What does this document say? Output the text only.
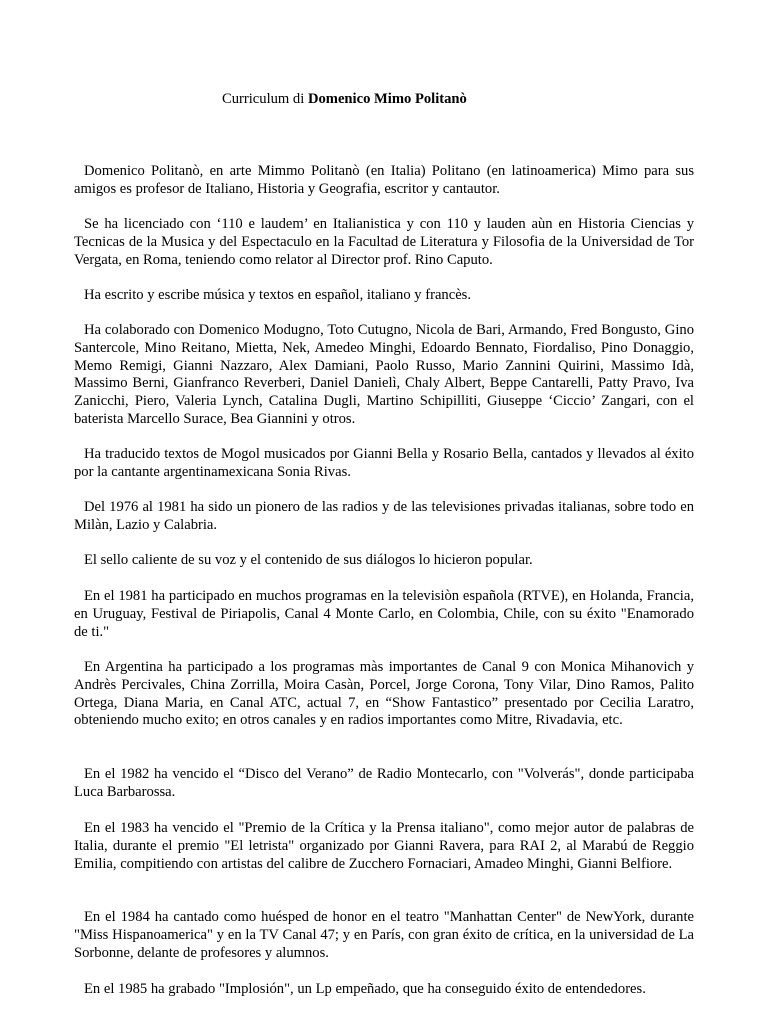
Curriculum di Domenico Mimo Politanò

Domenico Politanò, en arte Mimmo Politanò (en Italia) Politano (en latinoamerica) Mimo para sus amigos es profesor de Italiano, Historia y Geografia, escritor y cantautor.

Se ha licenciado con ‘110 e laudem’ en Italianistica y con 110 y lauden aùn en Historia Ciencias y Tecnicas de la Musica y del Espectaculo en la Facultad de Literatura y Filosofia de la Universidad de Tor Vergata, en Roma, teniendo como relator al Director prof. Rino Caputo.

Ha escrito y escribe música y textos en español, italiano y francès.

Ha colaborado con Domenico Modugno, Toto Cutugno, Nicola de Bari, Armando, Fred Bongusto, Gino Santercole, Mino Reitano, Mietta, Nek, Amedeo Minghi, Edoardo Bennato, Fiordaliso, Pino Donaggio, Memo Remigi, Gianni Nazzaro, Alex Damiani, Paolo Russo, Mario Zannini Quirini, Massimo Idà, Massimo Berni, Gianfranco Reverberi, Daniel Danielì, Chaly Albert, Beppe Cantarelli, Patty Pravo, Iva Zanicchi, Piero, Valeria Lynch, Catalina Dugli, Martino Schipilliti, Giuseppe ‘Ciccio’ Zangari, con el baterista Marcello Surace, Bea Giannini y otros.

Ha traducido textos de Mogol musicados por Gianni Bella y Rosario Bella, cantados y llevados al éxito por la cantante argentinamexicana Sonia Rivas.

Del 1976 al 1981 ha sido un pionero de las radios y de las televisiones privadas italianas, sobre todo en Milàn, Lazio y Calabria.

El sello caliente de su voz y el contenido de sus diálogos lo hicieron popular.

En el 1981 ha participado en muchos programas en la televisiòn española (RTVE), en Holanda, Francia, en Uruguay, Festival de Piriapolis, Canal 4 Monte Carlo, en Colombia, Chile, con su éxito "Enamorado de ti."

En Argentina ha participado a los programas màs importantes de Canal 9 con Monica Mihanovich y Andrès Percivales, China Zorrilla, Moira Casàn, Porcel, Jorge Corona, Tony Vilar, Dino Ramos, Palito Ortega, Diana Maria, en Canal ATC, actual 7, en “Show Fantastico” presentado por Cecilia Laratro, obteniendo mucho exito; en otros canales y en radios importantes como Mitre, Rivadavia, etc.

En el 1982 ha vencido el “Disco del Verano” de Radio Montecarlo, con "Volverás", donde participaba Luca Barbarossa.

En el 1983 ha vencido el "Premio de la Crítica y la Prensa italiano", como mejor autor de palabras de Italia, durante el premio "El letrista" organizado por Gianni Ravera, para RAI 2, al Marabú de Reggio Emilia, compitiendo con artistas del calibre de Zucchero Fornaciari, Amadeo Minghi, Gianni Belfiore.

En el 1984 ha cantado como huésped de honor en el teatro "Manhattan Center" de NewYork, durante "Miss Hispanoamerica" y en la TV Canal 47; y en París, con gran éxito de crítica, en la universidad de La Sorbonne, delante de profesores y alumnos.

En el 1985 ha grabado "Implosión", un Lp empeñado, que ha conseguido éxito de entendedores.
